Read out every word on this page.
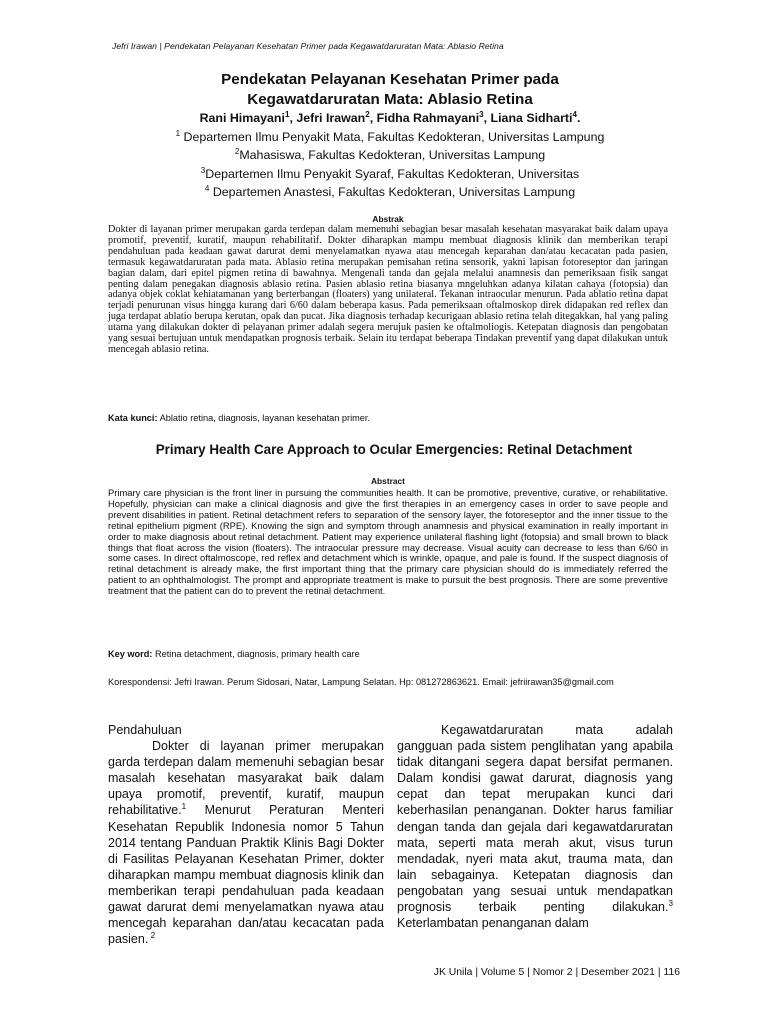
Jefri Irawan | Pendekatan Pelayanan Kesehatan Primer pada Kegawatdaruratan Mata: Ablasio Retina
Pendekatan Pelayanan Kesehatan Primer pada
Kegawatdaruratan Mata: Ablasio Retina
Rani Himayani$^1$, Jefri Irawan$^2$, Fidha Rahmayani$^3$, Liana Sidharti$^4$.
$^1$ Departemen Ilmu Penyakit Mata, Fakultas Kedokteran, Universitas Lampung
$^2$Mahasiswa, Fakultas Kedokteran, Universitas Lampung
$^3$Departemen Ilmu Penyakit Syaraf, Fakultas Kedokteran, Universitas
$^4$ Departemen Anastesi, Fakultas Kedokteran, Universitas Lampung
Abstrak
Dokter di layanan primer merupakan garda terdepan dalam memenuhi sebagian besar masalah kesehatan masyarakat baik dalam upaya promotif, preventif, kuratif, maupun rehabilitatif. Dokter diharapkan mampu membuat diagnosis klinik dan memberikan terapi pendahuluan pada keadaan gawat darurat demi menyelamatkan nyawa atau mencegah keparahan dan/atau kecacatan pada pasien, termasuk kegawatdaruratan pada mata. Ablasio retina merupakan pemisahan retina sensorik, yakni lapisan fotoreseptor dan jaringan bagian dalam, dari epitel pigmen retina di bawahnya. Mengenali tanda dan gejala melalui anamnesis dan pemeriksaan fisik sangat penting dalam penegakan diagnosis ablasio retina. Pasien ablasio retina biasanya mngeluhkan adanya kilatan cahaya (fotopsia) dan adanya objek coklat kehiatamanan yang berterbangan (floaters) yang unilateral. Tekanan intraocular menurun. Pada ablatio retina dapat terjadi penurunan visus hingga kurang dari 6/60 dalam beberapa kasus. Pada pemeriksaan oftalmoskop direk didapakan red reflex dan juga terdapat ablatio berupa kerutan, opak dan pucat. Jika diagnosis terhadap kecurigaan ablasio retina telah ditegakkan, hal yang paling utama yang dilakukan dokter di pelayanan primer adalah segera merujuk pasien ke oftalmoliogis. Ketepatan diagnosis dan pengobatan yang sesuai bertujuan untuk mendapatkan prognosis terbaik. Selain itu terdapat beberapa Tindakan preventif yang dapat dilakukan untuk mencegah ablasio retina.
Kata kunci: Ablatio retina, diagnosis, layanan kesehatan primer.
Primary Health Care Approach to Ocular Emergencies: Retinal Detachment
Abstract
Primary care physician is the front liner in pursuing the communities health. It can be promotive, preventive, curative, or rehabilitative. Hopefully, physician can make a clinical diagnosis and give the first therapies in an emergency cases in order to save people and prevent disabilities in patient. Retinal detachment refers to separation of the sensory layer, the fotoreseptor and the inner tissue to the retinal epithelium pigment (RPE). Knowing the sign and symptom through anamnesis and physical examination in really important in order to make diagnosis about retinal detachment. Patient may experience unilateral flashing light (fotopsia) and small brown to black things that float across the vision (floaters). The intraocular pressure may decrease. Visual acuity can decrease to less than 6/60 in some cases. In direct oftalmoscope, red reflex and detachment which is wrinkle, opaque, and pale is found. If the suspect diagnosis of retinal detachment is already make, the first important thing that the primary care physician should do is immediately referred the patient to an ophthalmologist. The prompt and appropriate treatment is make to pursuit the best prognosis. There are some preventive treatment that the patient can do to prevent the retinal detachment.
Key word: Retina detachment, diagnosis, primary health care
Korespondensi: Jefri Irawan. Perum Sidosari, Natar, Lampung Selatan. Hp: 081272863621. Email: jefriirawan35@gmail.com
Pendahuluan

Dokter di layanan primer merupakan garda terdepan dalam memenuhi sebagian besar masalah kesehatan masyarakat baik dalam upaya promotif, preventif, kuratif, maupun rehabilitative.$^1$ Menurut Peraturan Menteri Kesehatan Republik Indonesia nomor 5 Tahun 2014 tentang Panduan Praktik Klinis Bagi Dokter di Fasilitas Pelayanan Kesehatan Primer, dokter diharapkan mampu membuat diagnosis klinik dan memberikan terapi pendahuluan pada keadaan gawat darurat demi menyelamatkan nyawa atau mencegah keparahan dan/atau kecacatan pada pasien. $^2$

Kegawatdaruratan mata adalah gangguan pada sistem penglihatan yang apabila tidak ditangani segera dapat bersifat permanen. Dalam kondisi gawat darurat, diagnosis yang cepat dan tepat merupakan kunci dari keberhasilan penanganan. Dokter harus familiar dengan tanda dan gejala dari kegawatdaruratan mata, seperti mata merah akut, visus turun mendadak, nyeri mata akut, trauma mata, dan lain sebagainya. Ketepatan diagnosis dan pengobatan yang sesuai untuk mendapatkan prognosis terbaik penting dilakukan.$^3$ Keterlambatan penanganan dalam

JK Unila | Volume 5 | Nomor 2 | Desember 2021 | 116
